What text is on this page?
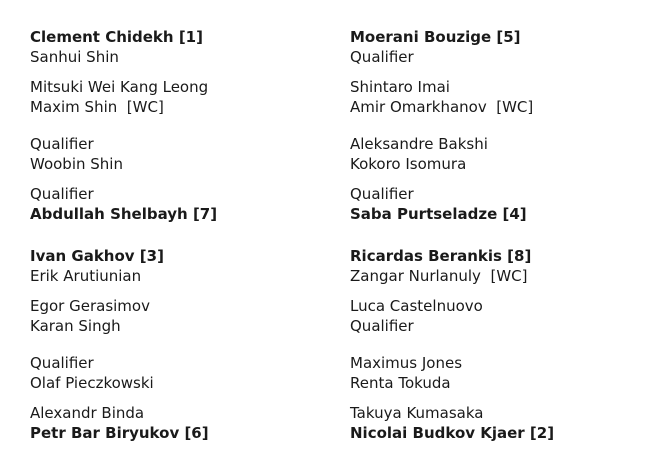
Clement Chidekh [1]
Sanhui Shin
Mitsuki Wei Kang Leong
Maxim Shin  [WC]
Qualifier
Woobin Shin
Qualifier
Abdullah Shelbayh [7]
Ivan Gakhov [3]
Erik Arutiunian
Egor Gerasimov
Karan Singh
Qualifier
Olaf Pieczkowski
Alexandr Binda
Petr Bar Biryukov [6]
Moerani Bouzige [5]
Qualifier
Shintaro Imai
Amir Omarkhanov  [WC]
Aleksandre Bakshi
Kokoro Isomura
Qualifier
Saba Purtseladze [4]
Ricardas Berankis [8]
Zangar Nurlanuly  [WC]
Luca Castelnuovo
Qualifier
Maximus Jones
Renta Tokuda
Takuya Kumasaka
Nicolai Budkov Kjaer [2]
